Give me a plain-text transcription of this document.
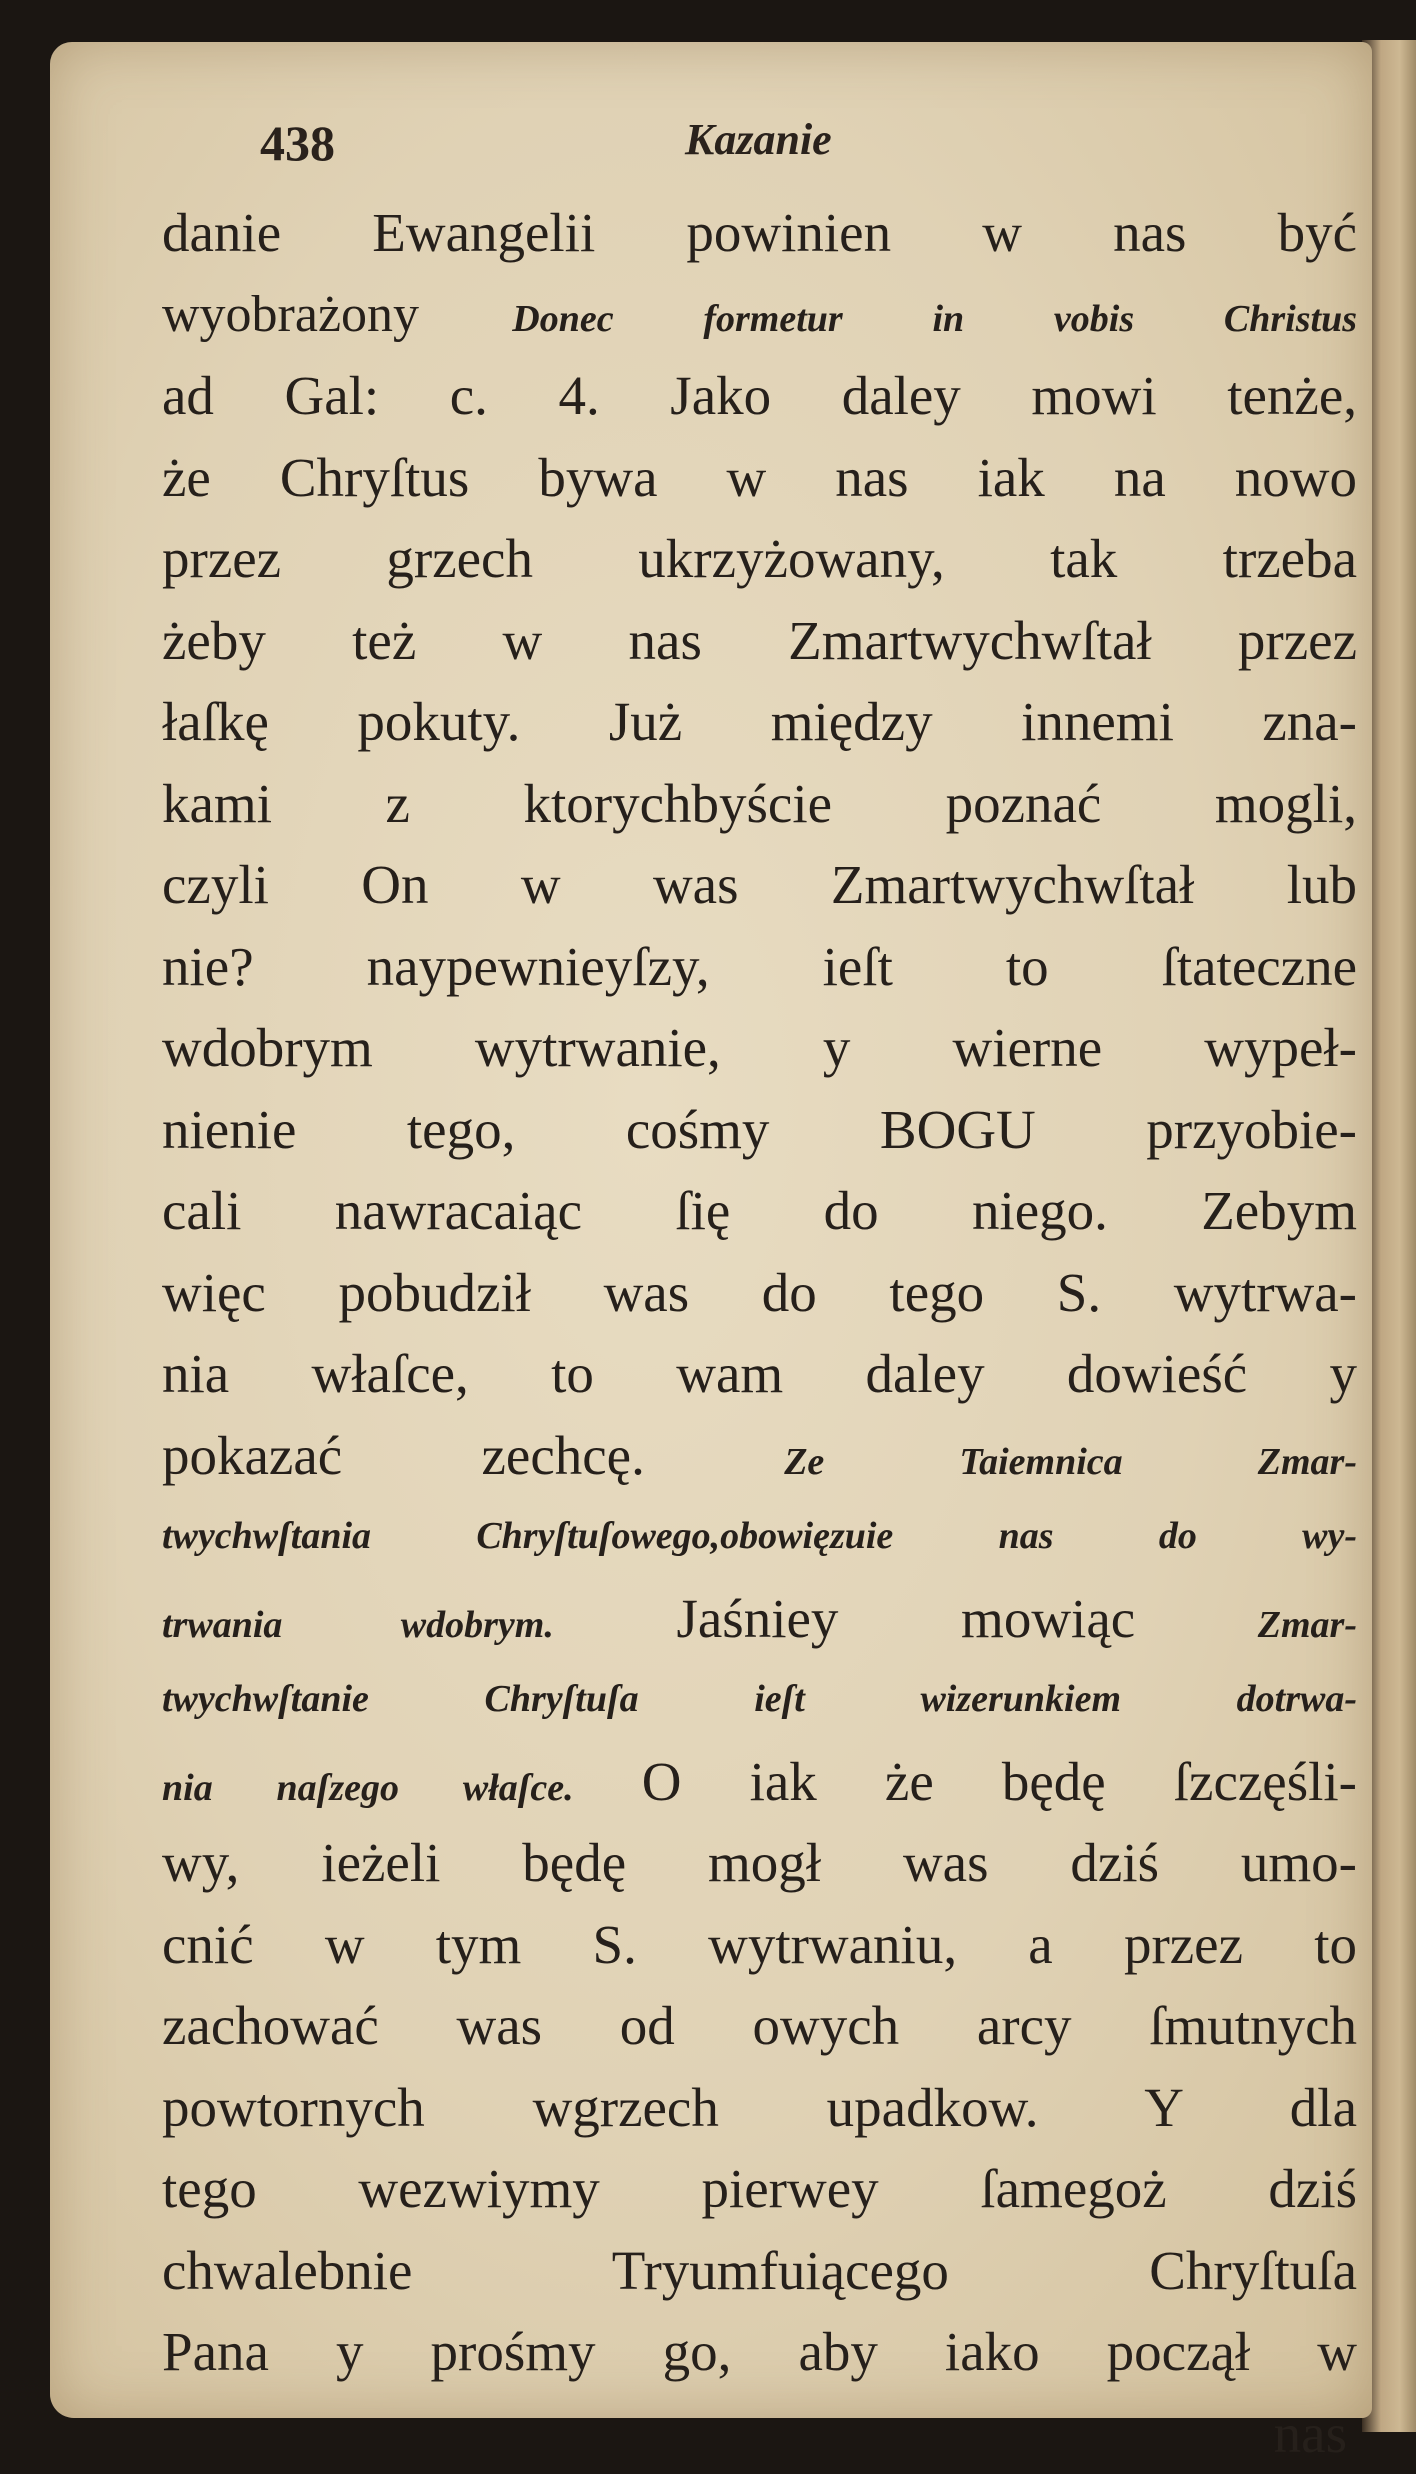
438	Kazanie
danie Ewangelii powinien w nas być
wyobrażony Donec formetur in vobis Christus
ad Gal: c. 4. Jako daley mowi tenże,
że Chryſtus bywa w nas iak na nowo
przez grzech ukrzyżowany, tak trzeba
żeby też w nas Zmartwychwſtał przez
łaſkę pokuty. Już między innemi zna-
kami z ktorychbyście poznać mogli,
czyli On w was Zmartwychwſtał lub
nie? naypewnieyſzy, ieſt to ſtateczne
wdobrym wytrwanie, y wierne wypeł-
nienie tego, cośmy BOGU przyobie-
cali nawracaiąc ſię do niego. Zebym
więc pobudził was do tego S. wytrwa-
nia właſce, to wam daley dowieść y
pokazać zechcę. Ze Taiemnica Zmar-
twychwſtania Chryſtuſowego,obowięzuie nas do wy-
trwania wdobrym. Jaśniey mowiąc Zmar-
twychwſtanie Chryſtuſa ieſt wizerunkiem dotrwa-
nia naſzego właſce. O iak że będę ſzczęśli-
wy, ieżeli będę mogł was dziś umo-
cnić w tym S. wytrwaniu, a przez to
zachować was od owych arcy ſmutnych
powtornych wgrzech upadkow. Y dla
tego wezwiymy pierwey ſamegoż dziś
chwalebnie Tryumfuiącego Chryſtuſa
Pana y prośmy go, aby iako począł w
nas
